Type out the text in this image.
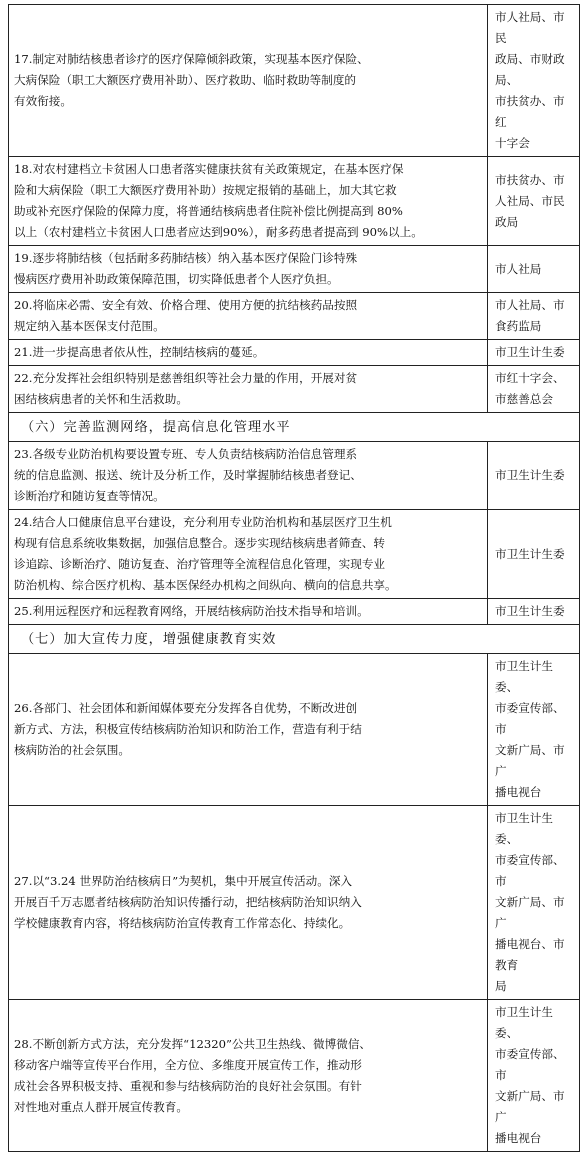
17.制定对肺结核患者诊疗的医疗保障倾斜政策，实现基本医疗保险、
大病保险（职工大额医疗费用补助）、医疗救助、临时救助等制度的
有效衔接。	市人社局、市民
政局、市财政局、
市扶贫办、市红
十字会

18.对农村建档立卡贫困人口患者落实健康扶贫有关政策规定，在基本医疗保
险和大病保险（职工大额医疗费用补助）按规定报销的基础上，加大其它救
助或补充医疗保险的保障力度，将普通结核病患者住院补偿比例提高到 80%
以上（农村建档立卡贫困人口患者应达到90%），耐多药患者提高到 90%以上。	市扶贫办、市
人社局、市民
政局

19.逐步将肺结核（包括耐多药肺结核）纳入基本医疗保险门诊特殊
慢病医疗费用补助政策保障范围，切实降低患者个人医疗负担。	市人社局

20.将临床必需、安全有效、价格合理、使用方便的抗结核药品按照
规定纳入基本医保支付范围。	市人社局、市
食药监局

21.进一步提高患者依从性，控制结核病的蔓延。	市卫生计生委

22.充分发挥社会组织特别是慈善组织等社会力量的作用，开展对贫
困结核病患者的关怀和生活救助。	市红十字会、
市慈善总会

（六）完善监测网络，提高信息化管理水平	

23.各级专业防治机构要设置专班、专人负责结核病防治信息管理系
统的信息监测、报送、统计及分析工作，及时掌握肺结核患者登记、
诊断治疗和随访复查等情况。	市卫生计生委

24.结合人口健康信息平台建设，充分利用专业防治机构和基层医疗卫生机
构现有信息系统收集数据，加强信息整合。逐步实现结核病患者筛查、转
诊追踪、诊断治疗、随访复查、治疗管理等全流程信息化管理，实现专业
防治机构、综合医疗机构、基本医保经办机构之间纵向、横向的信息共享。	市卫生计生委

25.利用远程医疗和远程教育网络，开展结核病防治技术指导和培训。	市卫生计生委

（七）加大宣传力度，增强健康教育实效	

26.各部门、社会团体和新闻媒体要充分发挥各自优势，不断改进创
新方式、方法，积极宣传结核病防治知识和防治工作，营造有利于结
核病防治的社会氛围。	市卫生计生委、
市委宣传部、市
文新广局、市广
播电视台

27.以“3.24 世界防治结核病日”为契机，集中开展宣传活动。深入
开展百千万志愿者结核病防治知识传播行动，把结核病防治知识纳入
学校健康教育内容，将结核病防治宣传教育工作常态化、持续化。	市卫生计生委、
市委宣传部、市
文新广局、市广
播电视台、市教育
局

28.不断创新方式方法，充分发挥“12320”公共卫生热线、微博微信、
移动客户端等宣传平台作用，全方位、多维度开展宣传工作，推动形
成社会各界积极支持、重视和参与结核病防治的良好社会氛围。有针
对性地对重点人群开展宣传教育。	市卫生计生委、
市委宣传部、市
文新广局、市广
播电视台
